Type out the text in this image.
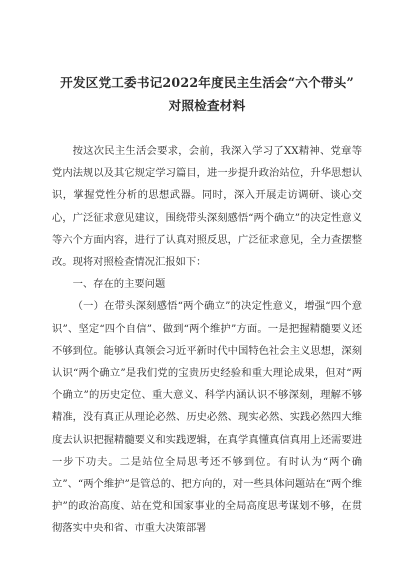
开发区党工委书记2022年度民主生活会“六个带头”
对照检查材料

按这次民主生活会要求，会前，我深入学习了XX精神、党章等党内法规以及其它规定学习篇目，进一步提升政治站位，升华思想认识，掌握党性分析的思想武器。同时，深入开展走访调研、谈心交心，广泛征求意见建议，围绕带头深刻感悟“两个确立”的决定性意义等六个方面内容，进行了认真对照反思，广泛征求意见，全力查摆整改。现将对照检查情况汇报如下：

一、存在的主要问题

（一）在带头深刻感悟“两个确立”的决定性意义，增强“四个意识”、坚定“四个自信”、做到“两个维护”方面。一是把握精髓要义还不够到位。能够认真领会习近平新时代中国特色社会主义思想，深刻认识“两个确立”是我们党的宝贵历史经验和重大理论成果，但对“两个确立”的历史定位、重大意义、科学内涵认识不够深刻，理解不够精准，没有真正从理论必然、历史必然、现实必然、实践必然四大维度去认识把握精髓要义和实践逻辑，在真学真懂真信真用上还需要进一步下功夫。二是站位全局思考还不够到位。有时认为“两个确立”、“两个维护”是管总的、把方向的，对一些具体问题站在“两个维护”的政治高度、站在党和国家事业的全局高度思考谋划不够，在贯彻落实中央和省、市重大决策部署
